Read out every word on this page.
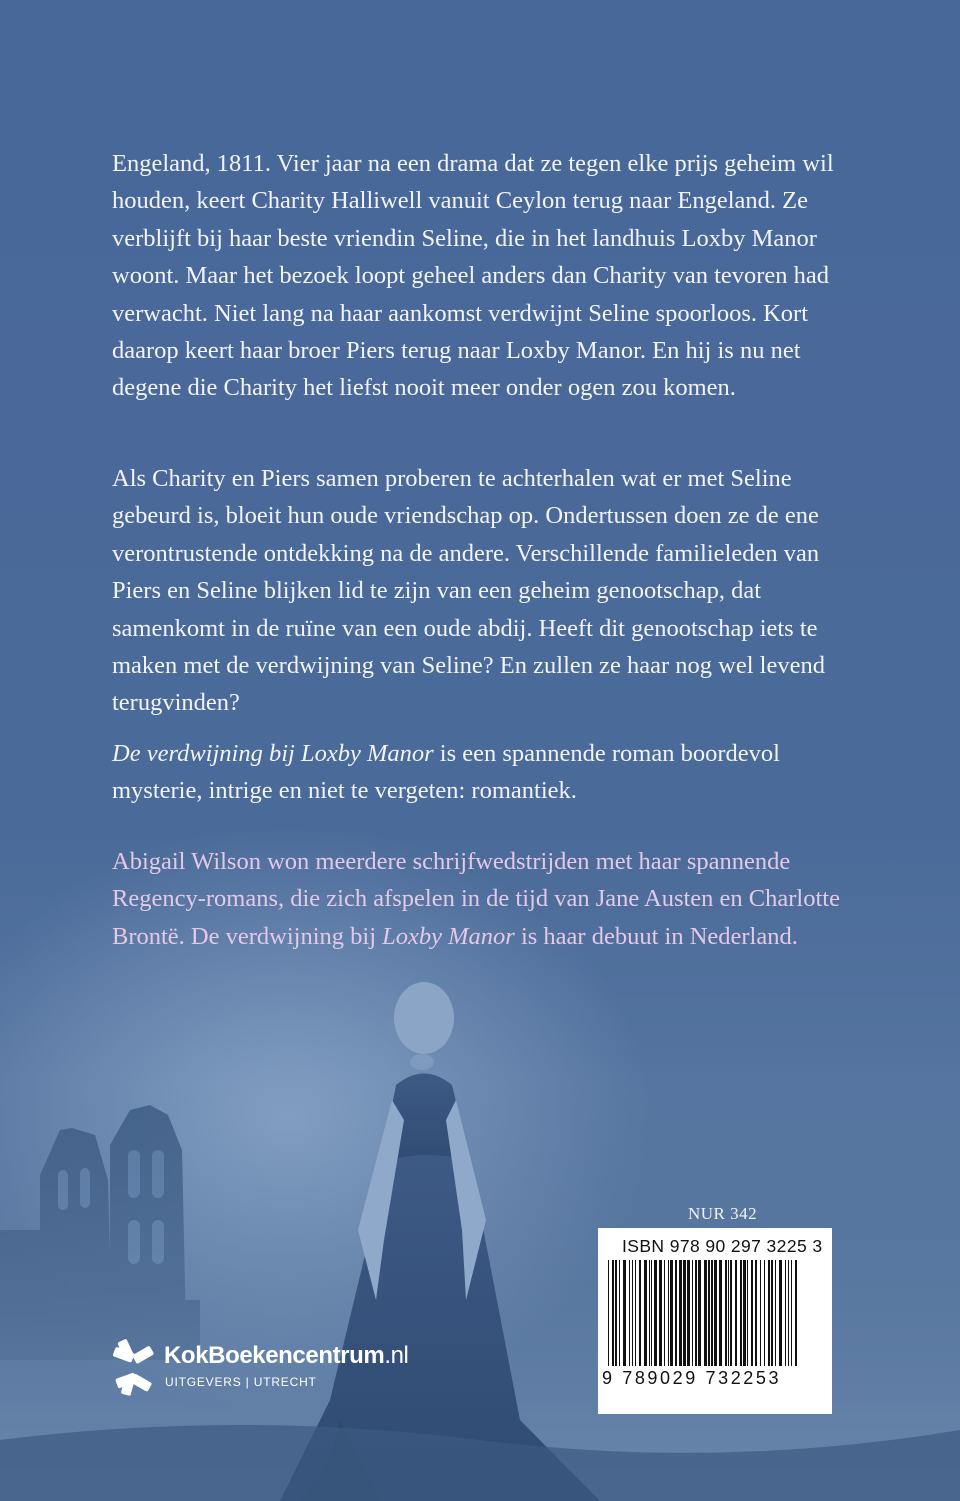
Engeland, 1811. Vier jaar na een drama dat ze tegen elke prijs geheim wil houden, keert Charity Halliwell vanuit Ceylon terug naar Engeland. Ze verblijft bij haar beste vriendin Seline, die in het landhuis Loxby Manor woont. Maar het bezoek loopt geheel anders dan Charity van tevoren had verwacht. Niet lang na haar aankomst verdwijnt Seline spoorloos. Kort daarop keert haar broer Piers terug naar Loxby Manor. En hij is nu net degene die Charity het liefst nooit meer onder ogen zou komen.

Als Charity en Piers samen proberen te achterhalen wat er met Seline gebeurd is, bloeit hun oude vriendschap op. Ondertussen doen ze de ene verontrustende ontdekking na de andere. Verschillende familieleden van Piers en Seline blijken lid te zijn van een geheim genootschap, dat samenkomt in de ruïne van een oude abdij. Heeft dit genootschap iets te maken met de verdwijning van Seline? En zullen ze haar nog wel levend terugvinden?

De verdwijning bij Loxby Manor is een spannende roman boordevol mysterie, intrige en niet te vergeten: romantiek.

Abigail Wilson won meerdere schrijfwedstrijden met haar spannende Regency-romans, die zich afspelen in de tijd van Jane Austen en Charlotte Brontë. De verdwijning bij Loxby Manor is haar debuut in Nederland.

NUR 342
ISBN 978 90 297 3225 3
9 789029 732253
KokBoekencentrum.nl
UITGEVERS | UTRECHT
